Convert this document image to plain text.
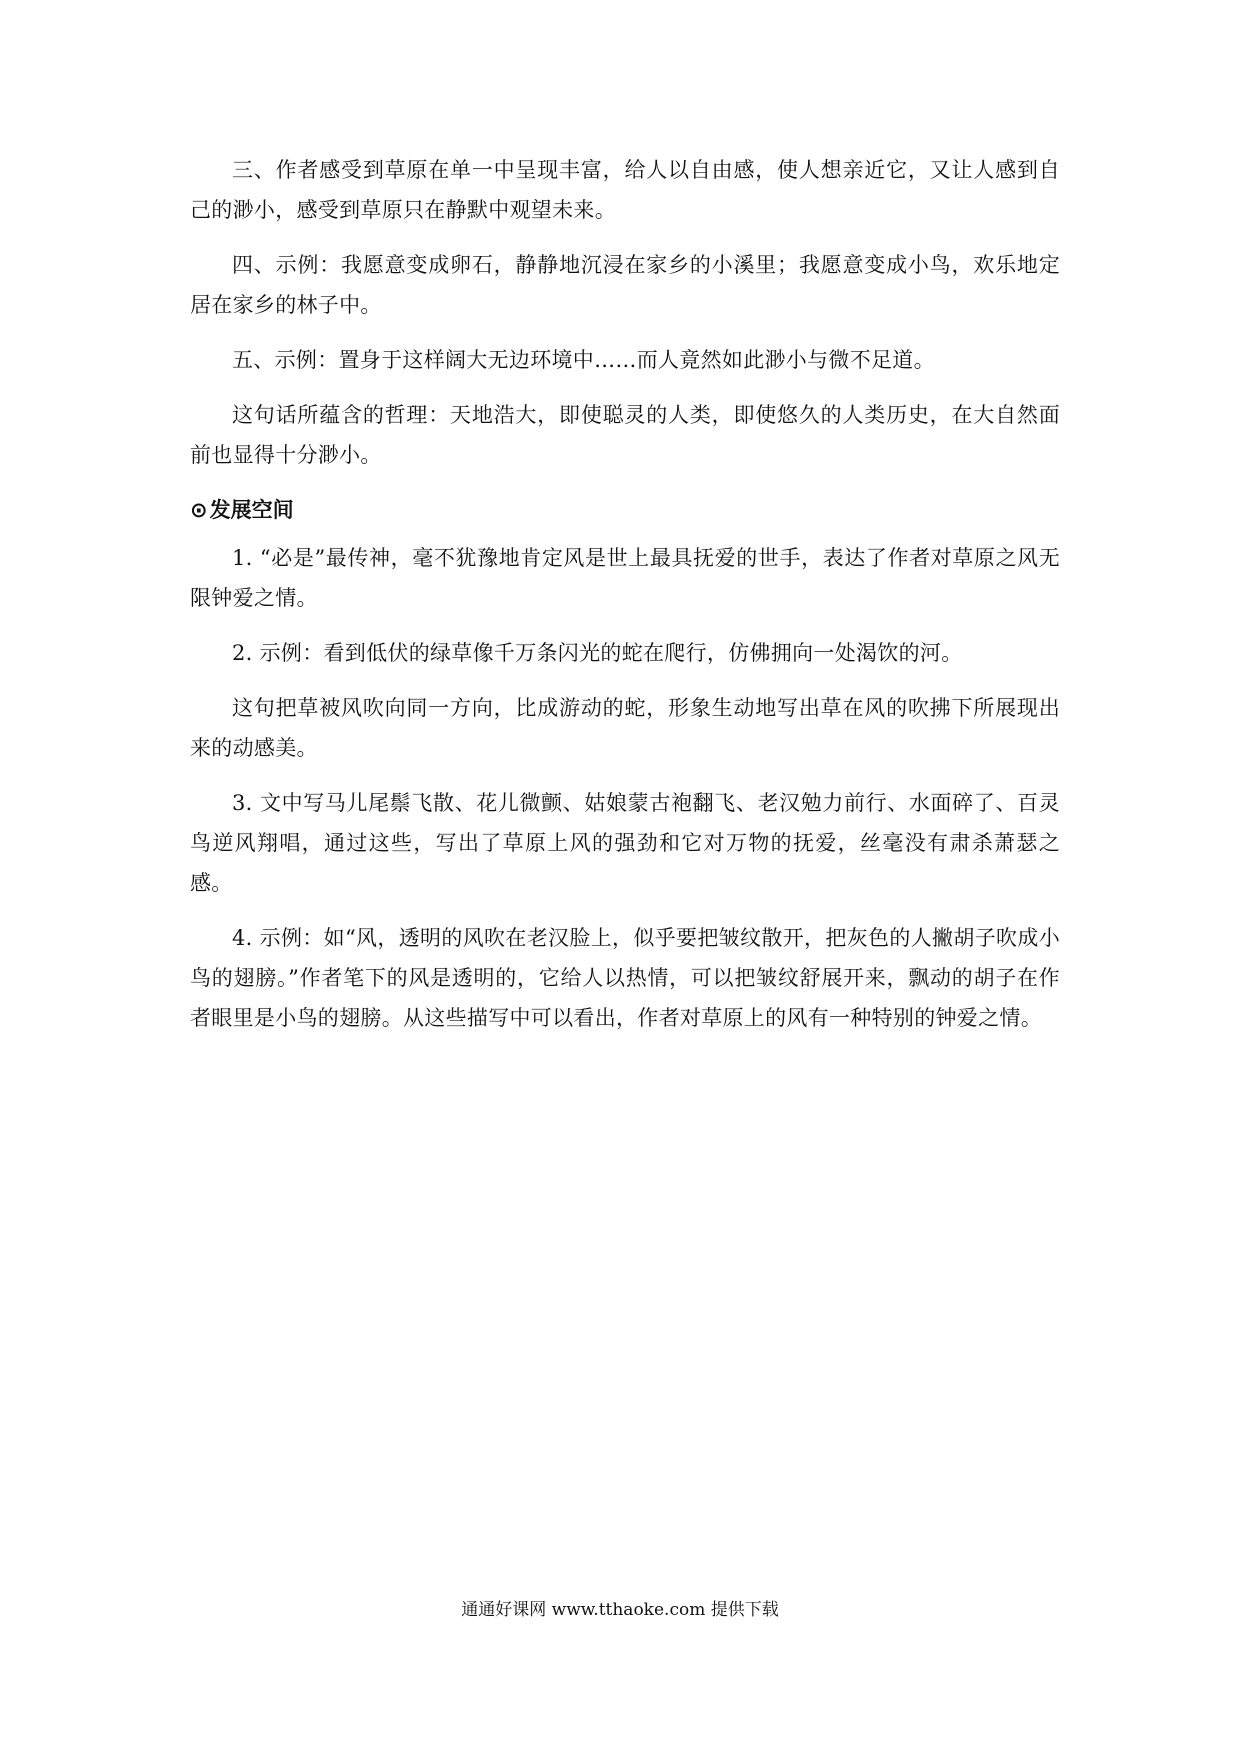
三、作者感受到草原在单一中呈现丰富，给人以自由感，使人想亲近它，又让人感到自己的渺小，感受到草原只在静默中观望未来。

四、示例：我愿意变成卵石，静静地沉浸在家乡的小溪里；我愿意变成小鸟，欢乐地定居在家乡的林子中。

五、示例：置身于这样阔大无边环境中……而人竟然如此渺小与微不足道。

这句话所蕴含的哲理：天地浩大，即使聪灵的人类，即使悠久的人类历史，在大自然面前也显得十分渺小。

⊙发展空间

1. “必是”最传神，毫不犹豫地肯定风是世上最具抚爱的世手，表达了作者对草原之风无限钟爱之情。

2. 示例：看到低伏的绿草像千万条闪光的蛇在爬行，仿佛拥向一处渴饮的河。

这句把草被风吹向同一方向，比成游动的蛇，形象生动地写出草在风的吹拂下所展现出来的动感美。

3. 文中写马儿尾鬃飞散、花儿微颤、姑娘蒙古袍翻飞、老汉勉力前行、水面碎了、百灵鸟逆风翔唱，通过这些，写出了草原上风的强劲和它对万物的抚爱，丝毫没有肃杀萧瑟之感。

4. 示例：如“风，透明的风吹在老汉脸上，似乎要把皱纹散开，把灰色的人撇胡子吹成小鸟的翅膀。”作者笔下的风是透明的，它给人以热情，可以把皱纹舒展开来，飘动的胡子在作者眼里是小鸟的翅膀。从这些描写中可以看出，作者对草原上的风有一种特别的钟爱之情。

通通好课网 www.tthaoke.com 提供下载
